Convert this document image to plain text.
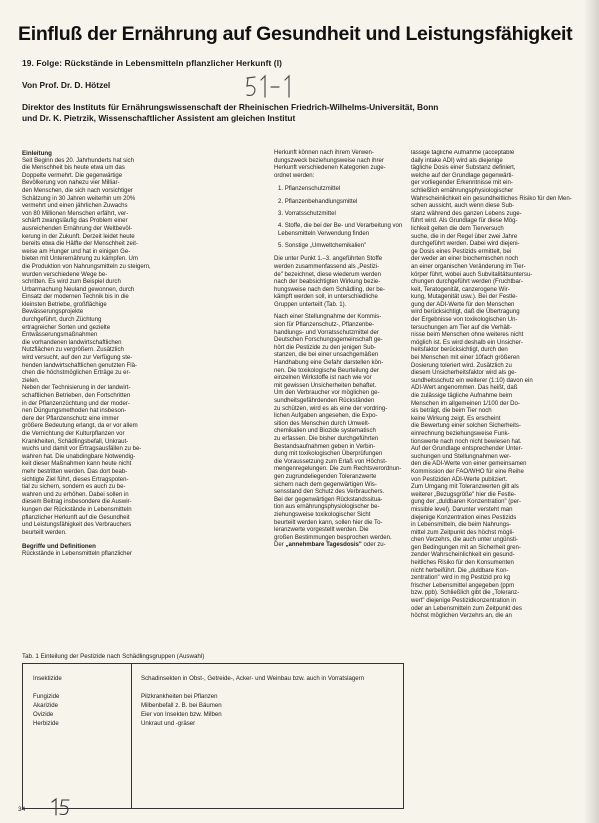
Einfluß der Ernährung auf Gesundheit und Leistungsfähigkeit
19. Folge: Rückstände in Lebensmitteln pflanzlicher Herkunft (I)
Von Prof. Dr. D. Hötzel
Direktor des Instituts für Ernährungswissenschaft der Rheinischen Friedrich-Wilhelms-Universität, Bonn
und Dr. K. Pietrzik, Wissenschaftlicher Assistent am gleichen Institut

Einleitung

Seit Beginn des 20. Jahrhunderts hat sich
die Menschheit bis heute etwa um das
Doppelte vermehrt. Die gegenwärtige
Bevölkerung von nahezu vier Milliar-
den Menschen, die sich nach vorsichtiger
Schätzung in 30 Jahren weiterhin um 20%
vermehrt und einen jährlichen Zuwachs
von 80 Millionen Menschen erfährt, ver-
schärft zwangsläufig das Problem einer
ausreichenden Ernährung der Weltbevöl-
kerung in der Zukunft. Derzeit leidet heute
bereits etwa die Hälfte der Menschheit zeit-
weise am Hunger und hat in einigen Ge-
bieten mit Unterernährung zu kämpfen. Um
die Produktion von Nahrungsmitteln zu steigern,
wurden verschiedene Wege be-
schritten. Es wird zum Beispiel durch
Urbarmachung Neuland gewonnen, durch
Einsatz der modernen Technik bis in die
kleinsten Betriebe, großflächige Bewässerungsprojekte
durchgeführt, durch Züchtung
ertragreicher Sorten und gezielte Entwässerungsmaßnahmen
die vorhandenen landwirtschaftlichen
Nutzflächen zu vergrößern. Zusätzlich
wird versucht, auf den zur Verfügung ste-
henden landwirtschaftlichen genutzten Flä-
chen die höchstmöglichen Erträge zu er-
zielen.
Neben der Technisierung in der landwirt-
schaftlichen Betrieben, den Fortschritten
in der Pflanzenzüchtung und der moder-
nen Düngungsmethoden hat insbeson-
dere der Pflanzenschutz eine immer
größere Bedeutung erlangt, da er vor allem
die Vernichtung der Kulturpflanzen vor
Krankheiten, Schädlingsbefall, Unkraut-
wuchs und damit vor Ertragsausfällen zu be-
wahren hat. Die unabdingbare Notwendig-
keit dieser Maßnahmen kann heute nicht
mehr bestritten werden. Das dort beab-
sichtigte Ziel führt, dieses Ertragspoten-
tial zu sichern, sondern es auch zu be-
wahren und zu erhöhen. Dabei sollen in
diesem Beitrag insbesondere die Auswir-
kungen der Rückstände in Lebensmitteln
pflanzlicher Herkunft auf die Gesundheit
und Leistungsfähigkeit des Verbrauchers
beurteilt werden.

Begriffe und Definitionen

Rückstände in Lebensmitteln pflanzlicher
Herkunft können nach ihrem Verwen-
dungszweck beziehungsweise nach ihrer
Herkunft verschiedenen Kategorien zuge-
ordnet werden:
1. Pflanzenschutzmittel
2. Pflanzenbehandlungsmittel
3. Vorratsschutzmittel
4. Stoffe, die bei der Be- und Verarbeitung von Lebensmitteln Verwendung finden
5. Sonstige „Umweltchemikalien"
Die unter Punkt 1.–3. angeführten Stoffe
werden zusammenfassend als „Pestizi-
de" bezeichnet, diese wiederum werden
nach der beabsichtigten Wirkung bezie-
hungsweise nach dem Schädling, der be-
kämpft werden soll, in unterschiedliche
Gruppen unterteilt (Tab. 1).
Nach einer Stellungnahme der Kommis-
sion für Pflanzenschutz-, Pflanzenbe-
handlungs- und Vorratsschutzmittel der
Deutschen Forschungsgemeinschaft ge-
hört die Pestizide zu den jenigen Sub-
stanzen, die bei einer unsachgemäßen
Handhabung eine Gefahr darstellen kön-
nen. Die toxikologische Beurteilung der
einzelnen Wirkstoffe ist nach wie vor
mit gewissen Unsicherheiten behaftet.
Um den Verbraucher vor möglichen ge-
sundheitsgefährdenden Rückständen
zu schützen, wird es als eine der vordring-
lichen Aufgaben angesehen, die Expo-
sition des Menschen durch Umwelt-
chemikalien und Biozide systematisch
zu erfassen. Die bisher durchgeführten
Bestandsaufnahmen geben in Verbin-
dung mit toxikologischen Überprüfungen
die Voraussetzung zum Erlaß von Höchst-
mengenregelungen. Die zum Rechtsverordnun-
gen zugrundeliegenden Toleranzwerte
sichern nach dem gegenwärtigen Wis-
sensstand den Schutz des Verbrauchers.
Bei der gegenwärtigen Rückstandssitua-
tion aus ernährungsphysiologischer be-
ziehungsweise toxikologischer Sicht
beurteilt werden kann, sollen hier die To-
leranzwerte vorgestellt werden. Die
großen Bestimmungen besprochen werden.
Der „annehmbare Tagesdosis" oder zu-
lässige tägliche Aufnahme (acceptable
daily intake ADI) wird als diejenige
tägliche Dosis einer Substanz definiert,
welche auf der Grundlage gegenwärti-
ger vorliegender Erkenntnisse mit ein-
schließlich ernährungsphysiologischer
Wahrscheinlichkeit ein gesundheitliches Risiko für den Men-
schen aussicht, auch wenn diese Sub-
stanz während des ganzen Lebens zuge-
führt wird. Als Grundlage für diese Mög-
lichkeit gelten die dem Tierversuch
suche, die in der Regel über zwei Jahre
durchgeführt werden. Dabei wird diejeni-
ge Dosis eines Pestizids ermittelt, bei
der weder an einer biochemischen noch
an einer organischen Veränderung im Tier-
körper führt, wobei auch Subvitalitätsuntersu-
chungen durchgeführt werden (Fruchtbar-
keit, Teratogenität, canzerogene Wir-
kung, Mutagenität usw.). Bei der Festle-
gung der ADI-Werte für den Menschen
wird berücksichtigt, daß die Übertragung
der Ergebnisse von toxikologischen Un-
tersuchungen am Tier auf die Verhält-
nisse beim Menschen ohne weiteres nicht
möglich ist. Es wird deshalb ein Unsicher-
heitsfaktor berücksichtigt, durch den
bei Menschen mit einer 10fach größeren
Dosierung toleriert wird. Zusätzlich zu
diesem Unsicherheitsfaktor wird als ge-
sundheitsschutz ein weiterer (1:10) davon ein
ADI-Wert angenommen. Das heißt, daß
die zulässige tägliche Aufnahme beim
Menschen im allgemeinen 1/100 der Do-
sis beträgt, die beim Tier noch
keine Wirkung zeigt. Es erscheint
die Bewertung einer solchen Sicherheits-
einrechnung beziehungsweise Funk-
tionswerte nach noch nicht bewiesen hat.
Auf der Grundlage entsprechender Unter-
suchungen und Stellungnahmen wer-
den die ADI-Werte von einer gemeinsamen
Kommission der FAO/WHO für eine Reihe
von Pestiziden ADI-Werte publiziert.
Zum Umgang mit Toleranzwerten gilt als
weiterer „Bezugsgröße" hier die Festle-
gung der „duldbaren Konzentration" (per-
missible level). Darunter versteht man
diejenige Konzentration eines Pestizids
in Lebensmitteln, die beim Nahrungs-
mittel zum Zeitpunkt des höchst mögli-
chen Verzehrs, die auch unter ungünsti-
gen Bedingungen mit an Sicherheit gren-
zender Wahrscheinlichkeit ein gesund-
heitliches Risiko für den Konsumenten
nicht herbeiführt. Die „duldbare Kon-
zentration" wird in mg Pestizid pro kg
frischer Lebensmittel angegeben (ppm
bzw. ppb). Schließlich gibt die „Toleranz-
wert" diejenige Pestizidkonzentration in
oder an Lebensmitteln zum Zeitpunkt des
höchst möglichen Verzehrs an, die an
Tab. 1 Einteilung der Pestizide nach Schädlingsgruppen (Auswahl)
Insektizide	Schadinsekten in Obst-, Getreide-, Acker- und Weinbau bzw. auch in Vorratslagern
Fungizide	Pilzkrankheiten bei Pflanzen
Akarizide	Milbenbefall z. B. bei Bäumen
Ovizide	Eier von Insekten bzw. Milben
Herbizide	Unkraut und -gräser
34
